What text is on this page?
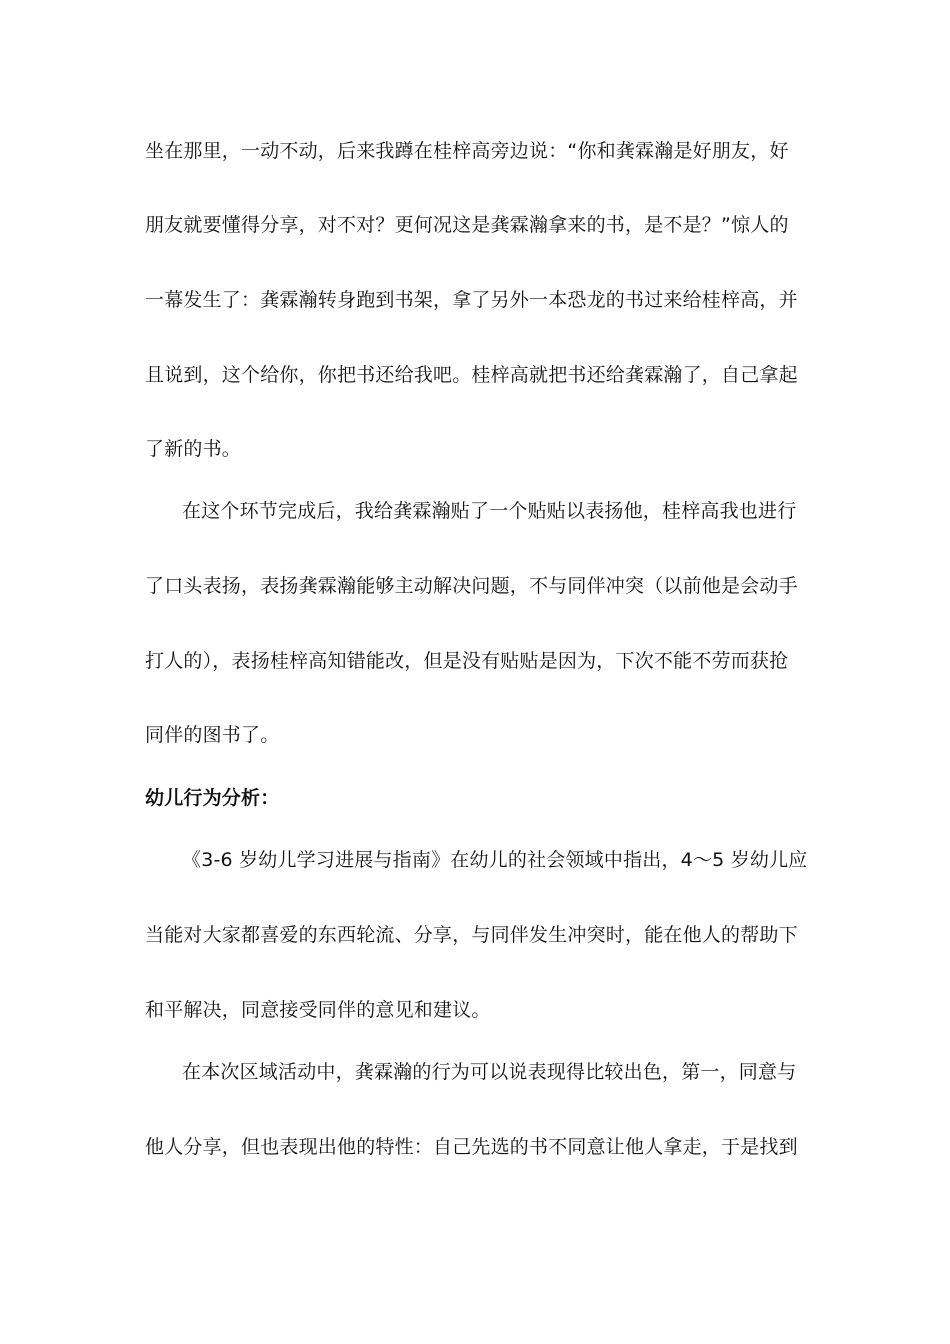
坐在那里，一动不动，后来我蹲在桂梓高旁边说：“你和龚霖瀚是好朋友，好
朋友就要懂得分享，对不对？更何况这是龚霖瀚拿来的书，是不是？”惊人的
一幕发生了：龚霖瀚转身跑到书架，拿了另外一本恐龙的书过来给桂梓高，并
且说到，这个给你，你把书还给我吧。桂梓高就把书还给龚霖瀚了，自己拿起
了新的书。
在这个环节完成后，我给龚霖瀚贴了一个贴贴以表扬他，桂梓高我也进行
了口头表扬，表扬龚霖瀚能够主动解决问题，不与同伴冲突（以前他是会动手
打人的），表扬桂梓高知错能改，但是没有贴贴是因为，下次不能不劳而获抢
同伴的图书了。
幼儿行为分析：
《3-6 岁幼儿学习进展与指南》在幼儿的社会领域中指出，4～5 岁幼儿应
当能对大家都喜爱的东西轮流、分享，与同伴发生冲突时，能在他人的帮助下
和平解决，同意接受同伴的意见和建议。
在本次区域活动中，龚霖瀚的行为可以说表现得比较出色，第一，同意与
他人分享，但也表现出他的特性：自己先选的书不同意让他人拿走，于是找到
